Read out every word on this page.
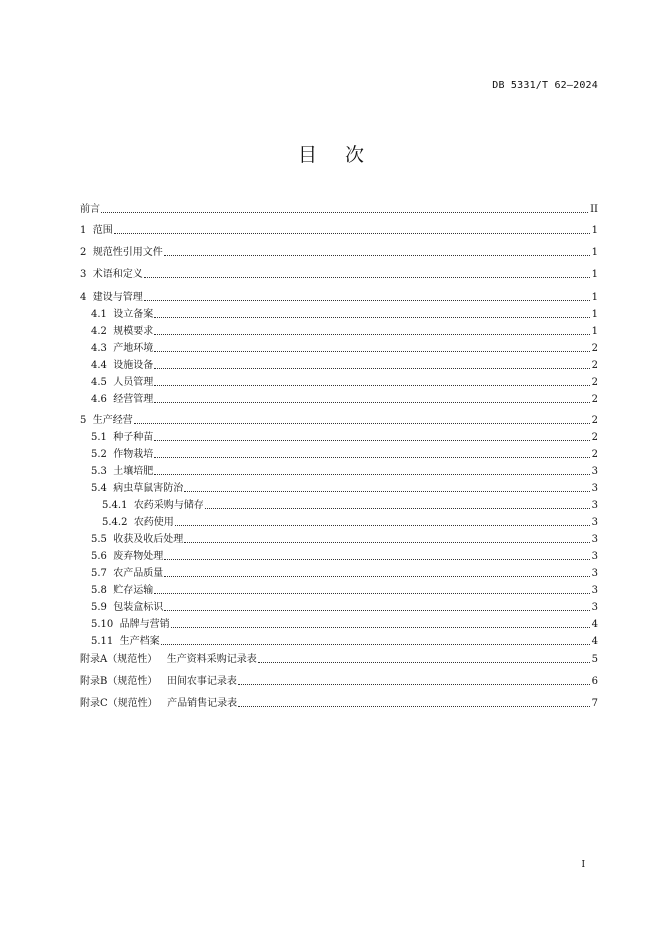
DB 5331/T 62—2024
目次
前言	II
1 范围	1
2 规范性引用文件	1
3 术语和定义	1
4 建设与管理	1
4.1 设立备案	1
4.2 规模要求	1
4.3 产地环境	2
4.4 设施设备	2
4.5 人员管理	2
4.6 经营管理	2
5 生产经营	2
5.1 种子种苗	2
5.2 作物栽培	2
5.3 土壤培肥	3
5.4 病虫草鼠害防治	3
5.4.1 农药采购与储存	3
5.4.2 农药使用	3
5.5 收获及收后处理	3
5.6 废弃物处理	3
5.7 农产品质量	3
5.8 贮存运输	3
5.9 包装盒标识	3
5.10 品牌与营销	4
5.11 生产档案	4
附录A（规范性）   生产资料采购记录表	5
附录B（规范性）   田间农事记录表	6
附录C（规范性）   产品销售记录表	7
I
